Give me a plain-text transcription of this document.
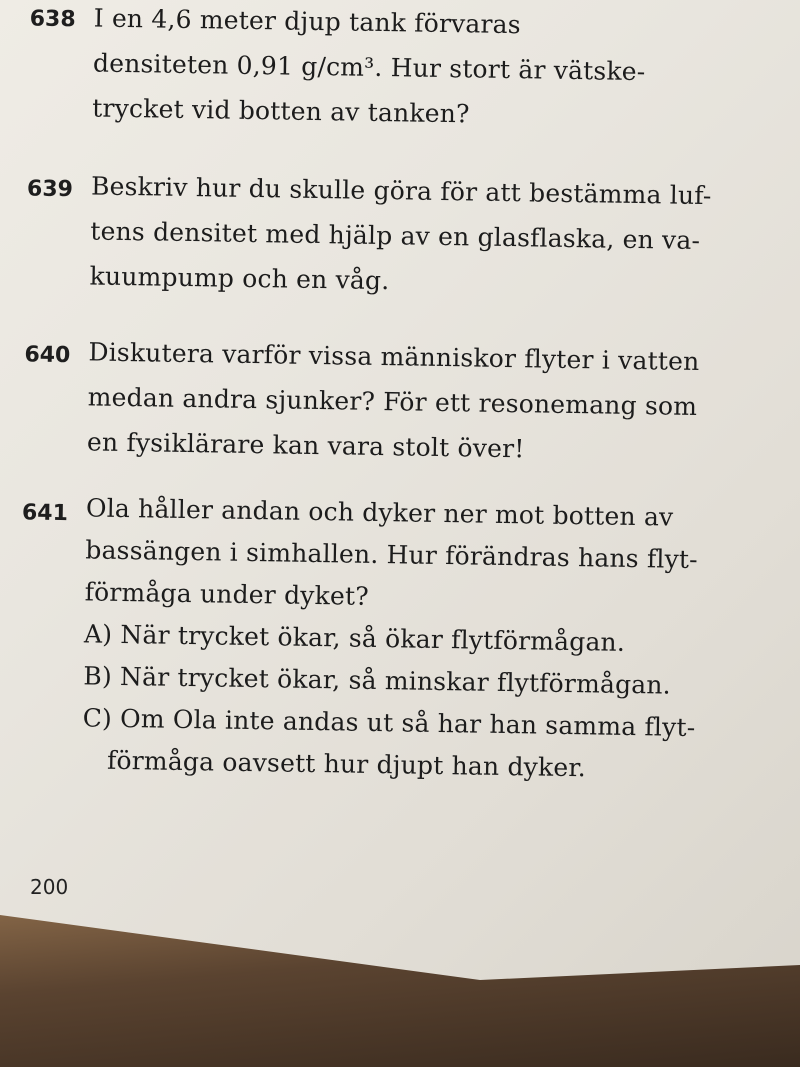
638 I en 4,6 meter djup tank förvaras
densiteten 0,91 g/cm³. Hur stort är vätske-
trycket vid botten av tanken?
639 Beskriv hur du skulle göra för att bestämma luf-
tens densitet med hjälp av en glasflaska, en va-
kuumpump och en våg.
640 Diskutera varför vissa människor flyter i vatten
medan andra sjunker? För ett resonemang som
en fysiklärare kan vara stolt över!
641 Ola håller andan och dyker ner mot botten av
bassängen i simhallen. Hur förändras hans flyt-
förmåga under dyket?
A) När trycket ökar, så ökar flytförmågan.
B) När trycket ökar, så minskar flytförmågan.
C) Om Ola inte andas ut så har han samma flyt-
förmåga oavsett hur djupt han dyker.
200
